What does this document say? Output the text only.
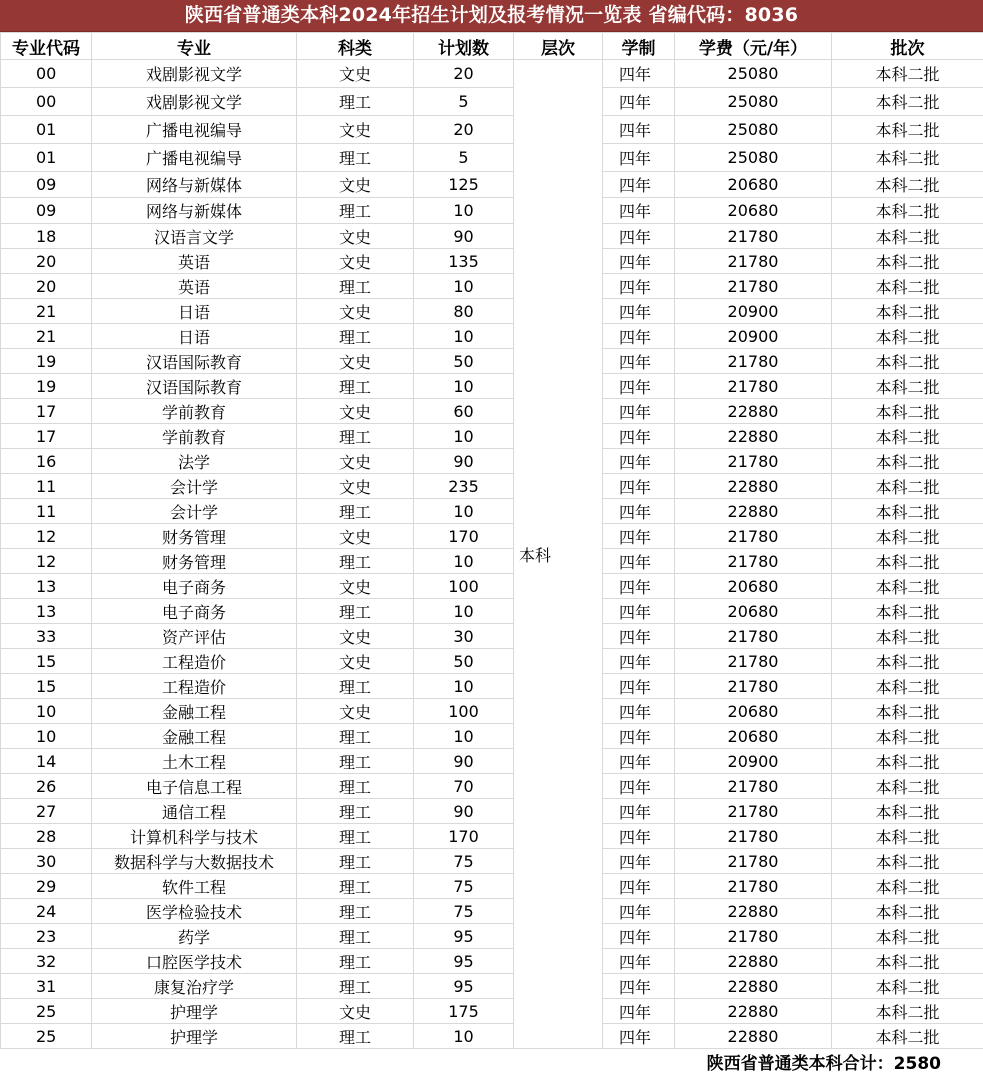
陕西省普通类本科2024年招生计划及报考情况一览表 省编代码：8036
专业代码	专业	科类	计划数	层次	学制	学费（元/年）	批次
00	戏剧影视文学	文史	20	本科	四年	25080	本科二批
00	戏剧影视文学	理工	5		四年	25080	本科二批
01	广播电视编导	文史	20		四年	25080	本科二批
01	广播电视编导	理工	5		四年	25080	本科二批
09	网络与新媒体	文史	125		四年	20680	本科二批
09	网络与新媒体	理工	10		四年	20680	本科二批
18	汉语言文学	文史	90		四年	21780	本科二批
20	英语	文史	135		四年	21780	本科二批
20	英语	理工	10		四年	21780	本科二批
21	日语	文史	80		四年	20900	本科二批
21	日语	理工	10		四年	20900	本科二批
19	汉语国际教育	文史	50		四年	21780	本科二批
19	汉语国际教育	理工	10		四年	21780	本科二批
17	学前教育	文史	60		四年	22880	本科二批
17	学前教育	理工	10		四年	22880	本科二批
16	法学	文史	90		四年	21780	本科二批
11	会计学	文史	235		四年	22880	本科二批
11	会计学	理工	10		四年	22880	本科二批
12	财务管理	文史	170		四年	21780	本科二批
12	财务管理	理工	10		四年	21780	本科二批
13	电子商务	文史	100		四年	20680	本科二批
13	电子商务	理工	10		四年	20680	本科二批
33	资产评估	文史	30		四年	21780	本科二批
15	工程造价	文史	50		四年	21780	本科二批
15	工程造价	理工	10		四年	21780	本科二批
10	金融工程	文史	100		四年	20680	本科二批
10	金融工程	理工	10		四年	20680	本科二批
14	土木工程	理工	90		四年	20900	本科二批
26	电子信息工程	理工	70		四年	21780	本科二批
27	通信工程	理工	90		四年	21780	本科二批
28	计算机科学与技术	理工	170		四年	21780	本科二批
30	数据科学与大数据技术	理工	75		四年	21780	本科二批
29	软件工程	理工	75		四年	21780	本科二批
24	医学检验技术	理工	75		四年	22880	本科二批
23	药学	理工	95		四年	21780	本科二批
32	口腔医学技术	理工	95		四年	22880	本科二批
31	康复治疗学	理工	95		四年	22880	本科二批
25	护理学	文史	175		四年	22880	本科二批
25	护理学	理工	10		四年	22880	本科二批
陕西省普通类本科合计：2580
